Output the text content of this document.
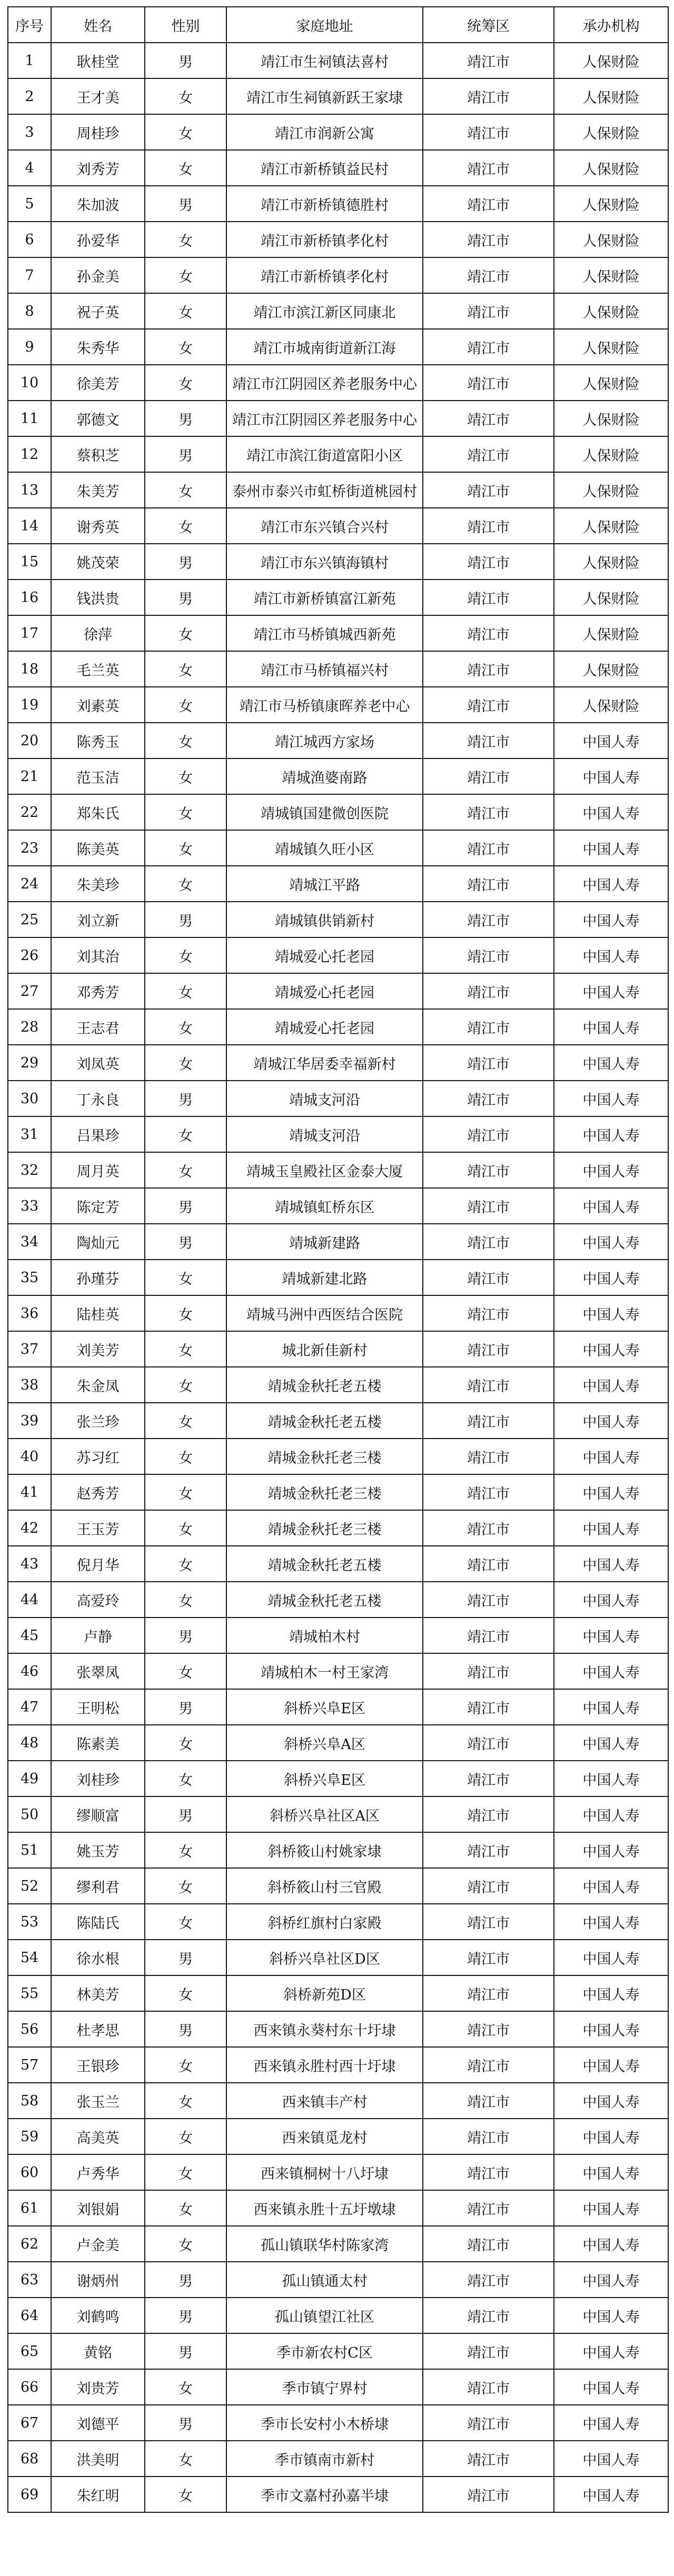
序号	姓名	性别	家庭地址	统筹区	承办机构
1	耿桂堂	男	靖江市生祠镇法喜村	靖江市	人保财险
2	王才美	女	靖江市生祠镇新跃王家埭	靖江市	人保财险
3	周桂珍	女	靖江市润新公寓	靖江市	人保财险
4	刘秀芳	女	靖江市新桥镇益民村	靖江市	人保财险
5	朱加波	男	靖江市新桥镇德胜村	靖江市	人保财险
6	孙爱华	女	靖江市新桥镇孝化村	靖江市	人保财险
7	孙金美	女	靖江市新桥镇孝化村	靖江市	人保财险
8	祝子英	女	靖江市滨江新区同康北	靖江市	人保财险
9	朱秀华	女	靖江市城南街道新江海	靖江市	人保财险
10	徐美芳	女	靖江市江阴园区养老服务中心	靖江市	人保财险
11	郭德文	男	靖江市江阴园区养老服务中心	靖江市	人保财险
12	蔡积芝	男	靖江市滨江街道富阳小区	靖江市	人保财险
13	朱美芳	女	泰州市泰兴市虹桥街道桃园村	靖江市	人保财险
14	谢秀英	女	靖江市东兴镇合兴村	靖江市	人保财险
15	姚茂荣	男	靖江市东兴镇海镇村	靖江市	人保财险
16	钱洪贵	男	靖江市新桥镇富江新苑	靖江市	人保财险
17	徐萍	女	靖江市马桥镇城西新苑	靖江市	人保财险
18	毛兰英	女	靖江市马桥镇福兴村	靖江市	人保财险
19	刘素英	女	靖江市马桥镇康晖养老中心	靖江市	人保财险
20	陈秀玉	女	靖江城西方家场	靖江市	中国人寿
21	范玉洁	女	靖城渔婆南路	靖江市	中国人寿
22	郑朱氏	女	靖城镇国建微创医院	靖江市	中国人寿
23	陈美英	女	靖城镇久旺小区	靖江市	中国人寿
24	朱美珍	女	靖城江平路	靖江市	中国人寿
25	刘立新	男	靖城镇供销新村	靖江市	中国人寿
26	刘其治	女	靖城爱心托老园	靖江市	中国人寿
27	邓秀芳	女	靖城爱心托老园	靖江市	中国人寿
28	王志君	女	靖城爱心托老园	靖江市	中国人寿
29	刘凤英	女	靖城江华居委幸福新村	靖江市	中国人寿
30	丁永良	男	靖城支河沿	靖江市	中国人寿
31	吕果珍	女	靖城支河沿	靖江市	中国人寿
32	周月英	女	靖城玉皇殿社区金泰大厦	靖江市	中国人寿
33	陈定芳	男	靖城镇虹桥东区	靖江市	中国人寿
34	陶灿元	男	靖城新建路	靖江市	中国人寿
35	孙瑾芬	女	靖城新建北路	靖江市	中国人寿
36	陆桂英	女	靖城马洲中西医结合医院	靖江市	中国人寿
37	刘美芳	女	城北新佳新村	靖江市	中国人寿
38	朱金凤	女	靖城金秋托老五楼	靖江市	中国人寿
39	张兰珍	女	靖城金秋托老五楼	靖江市	中国人寿
40	苏习红	女	靖城金秋托老三楼	靖江市	中国人寿
41	赵秀芳	女	靖城金秋托老三楼	靖江市	中国人寿
42	王玉芳	女	靖城金秋托老三楼	靖江市	中国人寿
43	倪月华	女	靖城金秋托老五楼	靖江市	中国人寿
44	高爱玲	女	靖城金秋托老五楼	靖江市	中国人寿
45	卢静	男	靖城柏木村	靖江市	中国人寿
46	张翠凤	女	靖城柏木一村王家湾	靖江市	中国人寿
47	王明松	男	斜桥兴阜E区	靖江市	中国人寿
48	陈素美	女	斜桥兴阜A区	靖江市	中国人寿
49	刘桂珍	女	斜桥兴阜E区	靖江市	中国人寿
50	缪顺富	男	斜桥兴阜社区A区	靖江市	中国人寿
51	姚玉芳	女	斜桥筱山村姚家埭	靖江市	中国人寿
52	缪利君	女	斜桥筱山村三官殿	靖江市	中国人寿
53	陈陆氏	女	斜桥红旗村白家殿	靖江市	中国人寿
54	徐水根	男	斜桥兴阜社区D区	靖江市	中国人寿
55	林美芳	女	斜桥新苑D区	靖江市	中国人寿
56	杜孝思	男	西来镇永葵村东十圩埭	靖江市	中国人寿
57	王银珍	女	西来镇永胜村西十圩埭	靖江市	中国人寿
58	张玉兰	女	西来镇丰产村	靖江市	中国人寿
59	高美英	女	西来镇觅龙村	靖江市	中国人寿
60	卢秀华	女	西来镇桐树十八圩埭	靖江市	中国人寿
61	刘银娟	女	西来镇永胜十五圩墩埭	靖江市	中国人寿
62	卢金美	女	孤山镇联华村陈家湾	靖江市	中国人寿
63	谢炳州	男	孤山镇通太村	靖江市	中国人寿
64	刘鹤鸣	男	孤山镇望江社区	靖江市	中国人寿
65	黄铭	男	季市新农村C区	靖江市	中国人寿
66	刘贵芳	女	季市镇宁界村	靖江市	中国人寿
67	刘德平	男	季市长安村小木桥埭	靖江市	中国人寿
68	洪美明	女	季市镇南市新村	靖江市	中国人寿
69	朱红明	女	季市文嘉村孙嘉半埭	靖江市	中国人寿
